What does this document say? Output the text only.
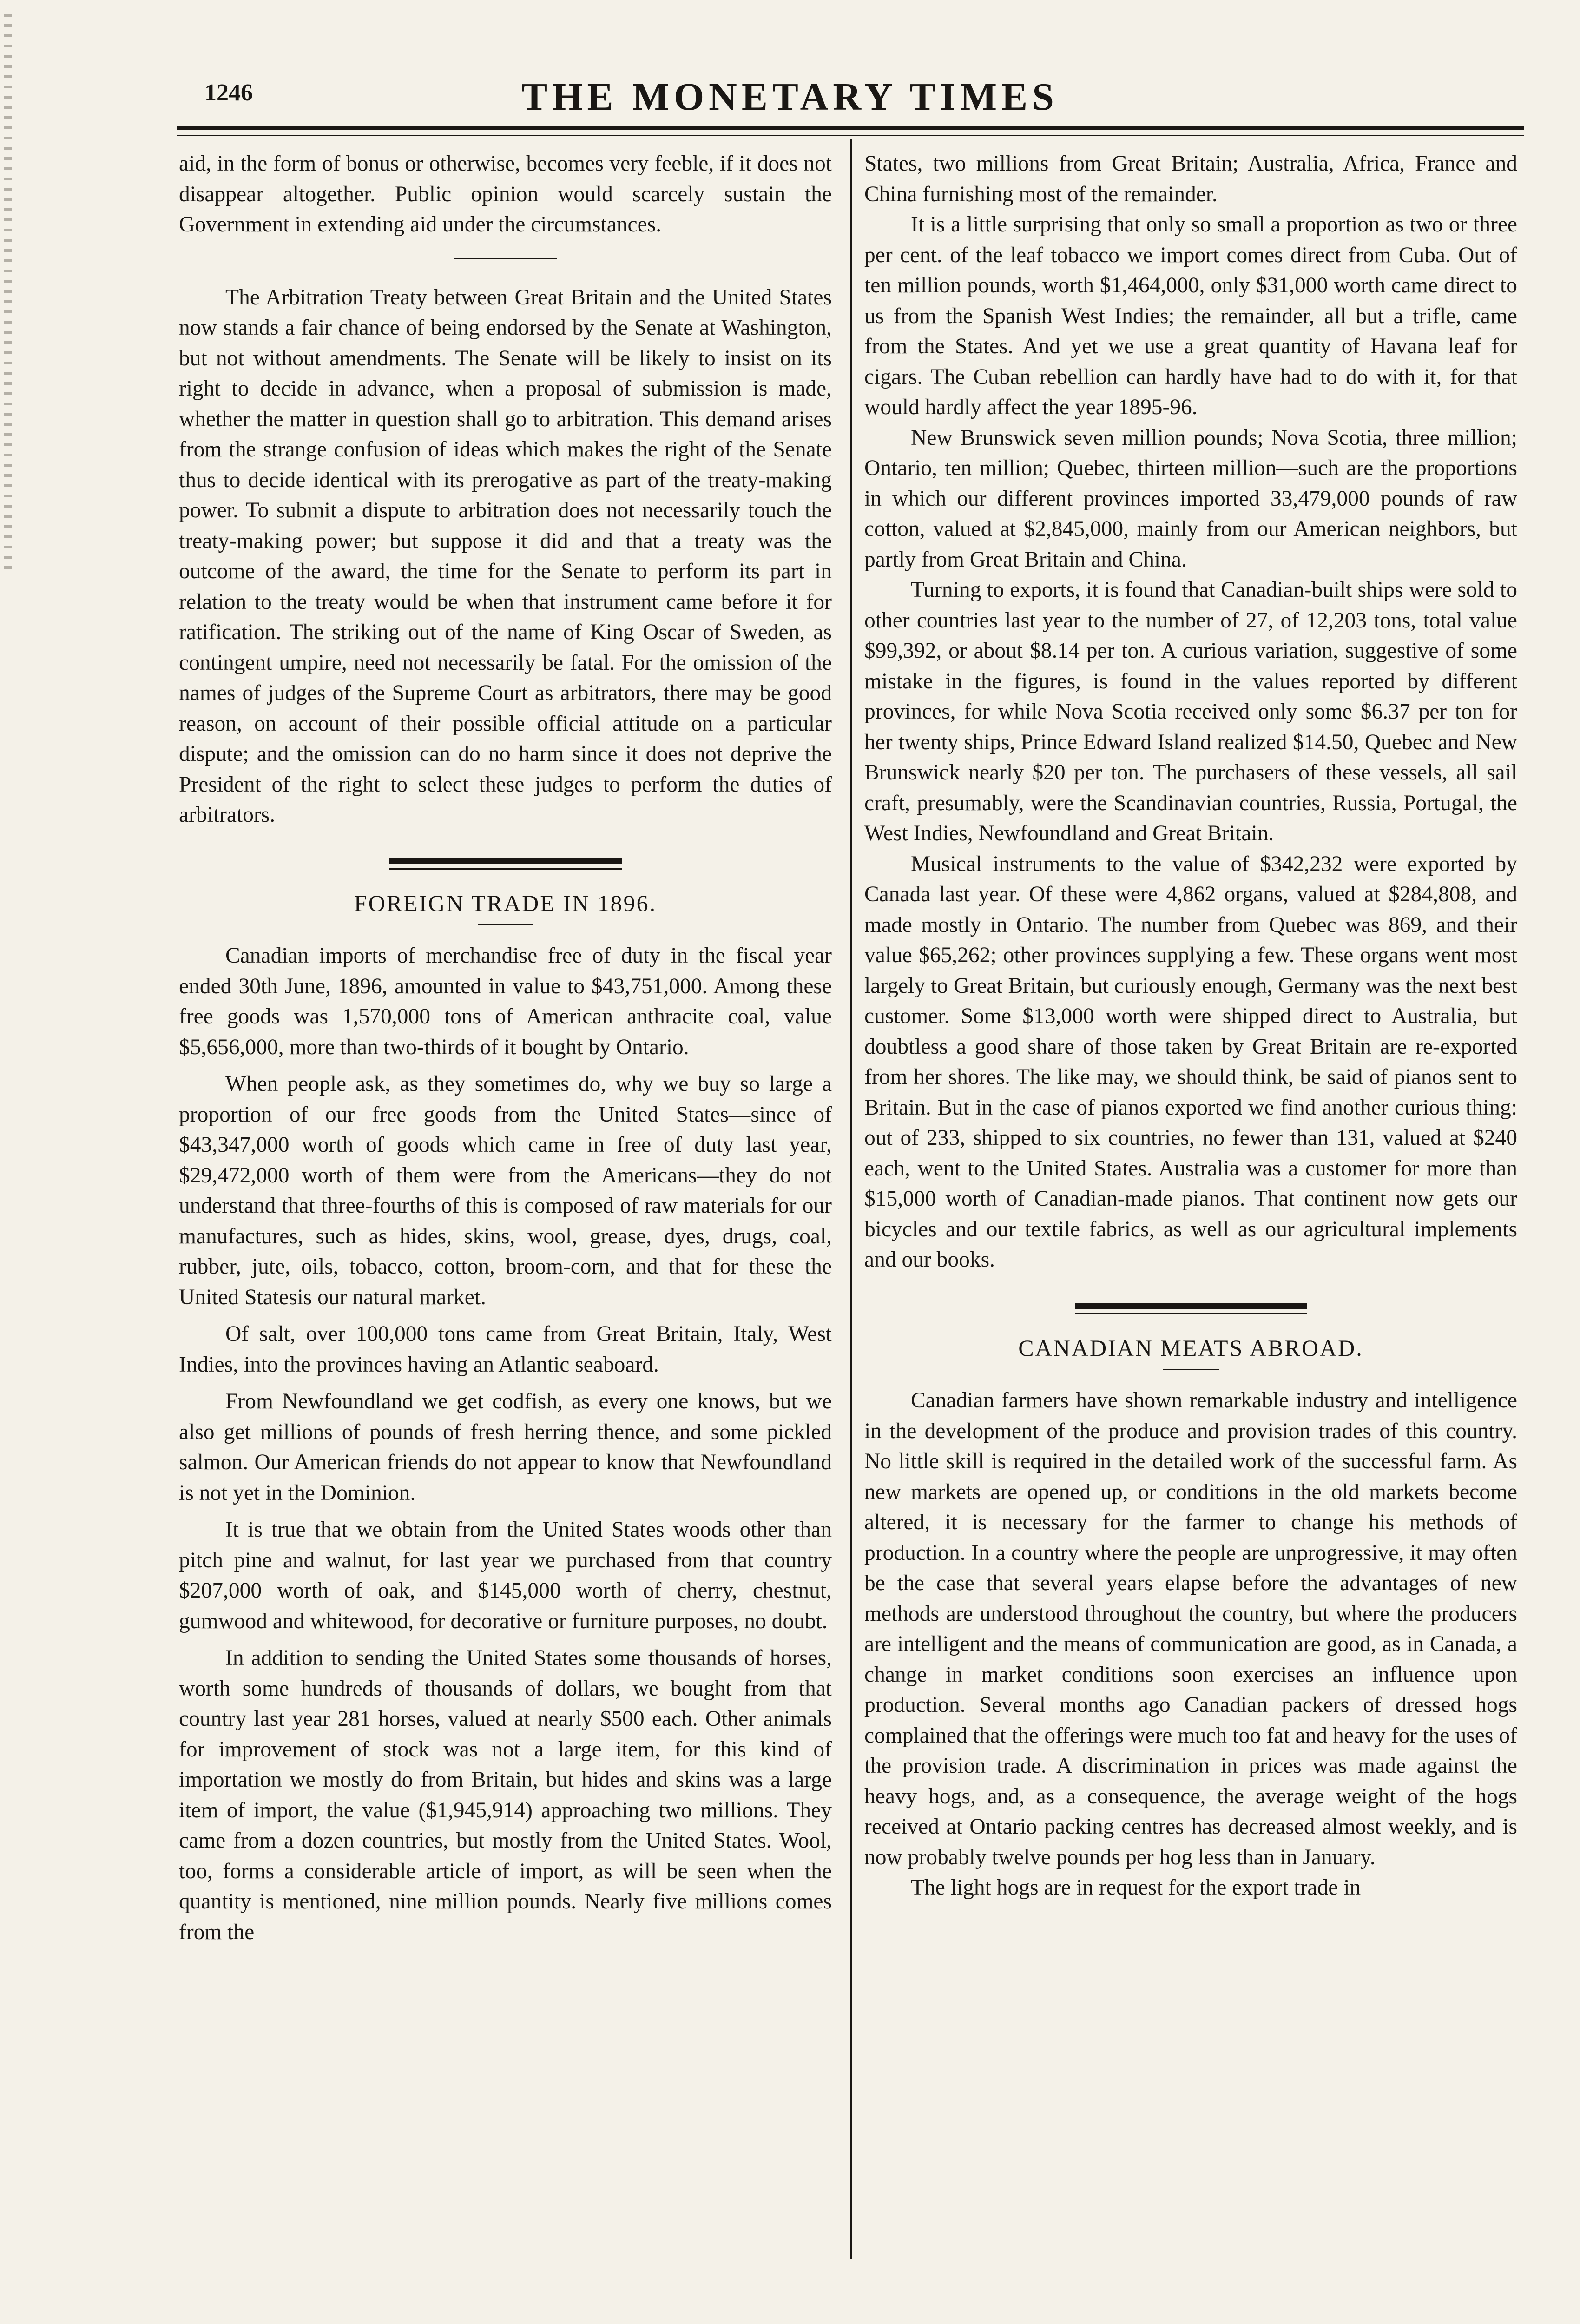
1246	THE MONETARY TIMES

aid, in the form of bonus or otherwise, becomes very feeble, if it does not disappear altogether. Public opinion would scarcely sustain the Government in extending aid under the circumstances.

The Arbitration Treaty between Great Britain and the United States now stands a fair chance of being endorsed by the Senate at Washington, but not without amendments. The Senate will be likely to insist on its right to decide in advance, when a proposal of submission is made, whether the matter in question shall go to arbitration. This demand arises from the strange confusion of ideas which makes the right of the Senate thus to decide identical with its prerogative as part of the treaty-making power. To submit a dispute to arbitration does not necessarily touch the treaty-making power; but suppose it did and that a treaty was the outcome of the award, the time for the Senate to perform its part in relation to the treaty would be when that instrument came before it for ratification. The striking out of the name of King Oscar of Sweden, as contingent umpire, need not necessarily be fatal. For the omission of the names of judges of the Supreme Court as arbitrators, there may be good reason, on account of their possible official attitude on a particular dispute; and the omission can do no harm since it does not deprive the President of the right to select these judges to perform the duties of arbitrators.

FOREIGN TRADE IN 1896.

Canadian imports of merchandise free of duty in the fiscal year ended 30th June, 1896, amounted in value to $43,751,000. Among these free goods was 1,570,000 tons of American anthracite coal, value $5,656,000, more than two-thirds of it bought by Ontario.

When people ask, as they sometimes do, why we buy so large a proportion of our free goods from the United States—since of $43,347,000 worth of goods which came in free of duty last year, $29,472,000 worth of them were from the Americans—they do not understand that three-fourths of this is composed of raw materials for our manufactures, such as hides, skins, wool, grease, dyes, drugs, coal, rubber, jute, oils, tobacco, cotton, broom-corn, and that for these the United Statesis our natural market.

Of salt, over 100,000 tons came from Great Britain, Italy, West Indies, into the provinces having an Atlantic seaboard.

From Newfoundland we get codfish, as every one knows, but we also get millions of pounds of fresh herring thence, and some pickled salmon. Our American friends do not appear to know that Newfoundland is not yet in the Dominion.

It is true that we obtain from the United States woods other than pitch pine and walnut, for last year we purchased from that country $207,000 worth of oak, and $145,000 worth of cherry, chestnut, gumwood and whitewood, for decorative or furniture purposes, no doubt.

In addition to sending the United States some thousands of horses, worth some hundreds of thousands of dollars, we bought from that country last year 281 horses, valued at nearly $500 each. Other animals for improvement of stock was not a large item, for this kind of importation we mostly do from Britain, but hides and skins was a large item of import, the value ($1,945,914) approaching two millions. They came from a dozen countries, but mostly from the United States. Wool, too, forms a considerable article of import, as will be seen when the quantity is mentioned, nine million pounds. Nearly five millions comes from the

States, two millions from Great Britain; Australia, Africa, France and China furnishing most of the remainder.

It is a little surprising that only so small a proportion as two or three per cent. of the leaf tobacco we import comes direct from Cuba. Out of ten million pounds, worth $1,464,000, only $31,000 worth came direct to us from the Spanish West Indies; the remainder, all but a trifle, came from the States. And yet we use a great quantity of Havana leaf for cigars. The Cuban rebellion can hardly have had to do with it, for that would hardly affect the year 1895-96.

New Brunswick seven million pounds; Nova Scotia, three million; Ontario, ten million; Quebec, thirteen million—such are the proportions in which our different provinces imported 33,479,000 pounds of raw cotton, valued at $2,845,000, mainly from our American neighbors, but partly from Great Britain and China.

Turning to exports, it is found that Canadian-built ships were sold to other countries last year to the number of 27, of 12,203 tons, total value $99,392, or about $8.14 per ton. A curious variation, suggestive of some mistake in the figures, is found in the values reported by different provinces, for while Nova Scotia received only some $6.37 per ton for her twenty ships, Prince Edward Island realized $14.50, Quebec and New Brunswick nearly $20 per ton. The purchasers of these vessels, all sail craft, presumably, were the Scandinavian countries, Russia, Portugal, the West Indies, Newfoundland and Great Britain.

Musical instruments to the value of $342,232 were exported by Canada last year. Of these were 4,862 organs, valued at $284,808, and made mostly in Ontario. The number from Quebec was 869, and their value $65,262; other provinces supplying a few. These organs went most largely to Great Britain, but curiously enough, Germany was the next best customer. Some $13,000 worth were shipped direct to Australia, but doubtless a good share of those taken by Great Britain are re-exported from her shores. The like may, we should think, be said of pianos sent to Britain. But in the case of pianos exported we find another curious thing: out of 233, shipped to six countries, no fewer than 131, valued at $240 each, went to the United States. Australia was a customer for more than $15,000 worth of Canadian-made pianos. That continent now gets our bicycles and our textile fabrics, as well as our agricultural implements and our books.

CANADIAN MEATS ABROAD.

Canadian farmers have shown remarkable industry and intelligence in the development of the produce and provision trades of this country. No little skill is required in the detailed work of the successful farm. As new markets are opened up, or conditions in the old markets become altered, it is necessary for the farmer to change his methods of production. In a country where the people are unprogressive, it may often be the case that several years elapse before the advantages of new methods are understood throughout the country, but where the producers are intelligent and the means of communication are good, as in Canada, a change in market conditions soon exercises an influence upon production. Several months ago Canadian packers of dressed hogs complained that the offerings were much too fat and heavy for the uses of the provision trade. A discrimination in prices was made against the heavy hogs, and, as a consequence, the average weight of the hogs received at Ontario packing centres has decreased almost weekly, and is now probably twelve pounds per hog less than in January.

The light hogs are in request for the export trade in
